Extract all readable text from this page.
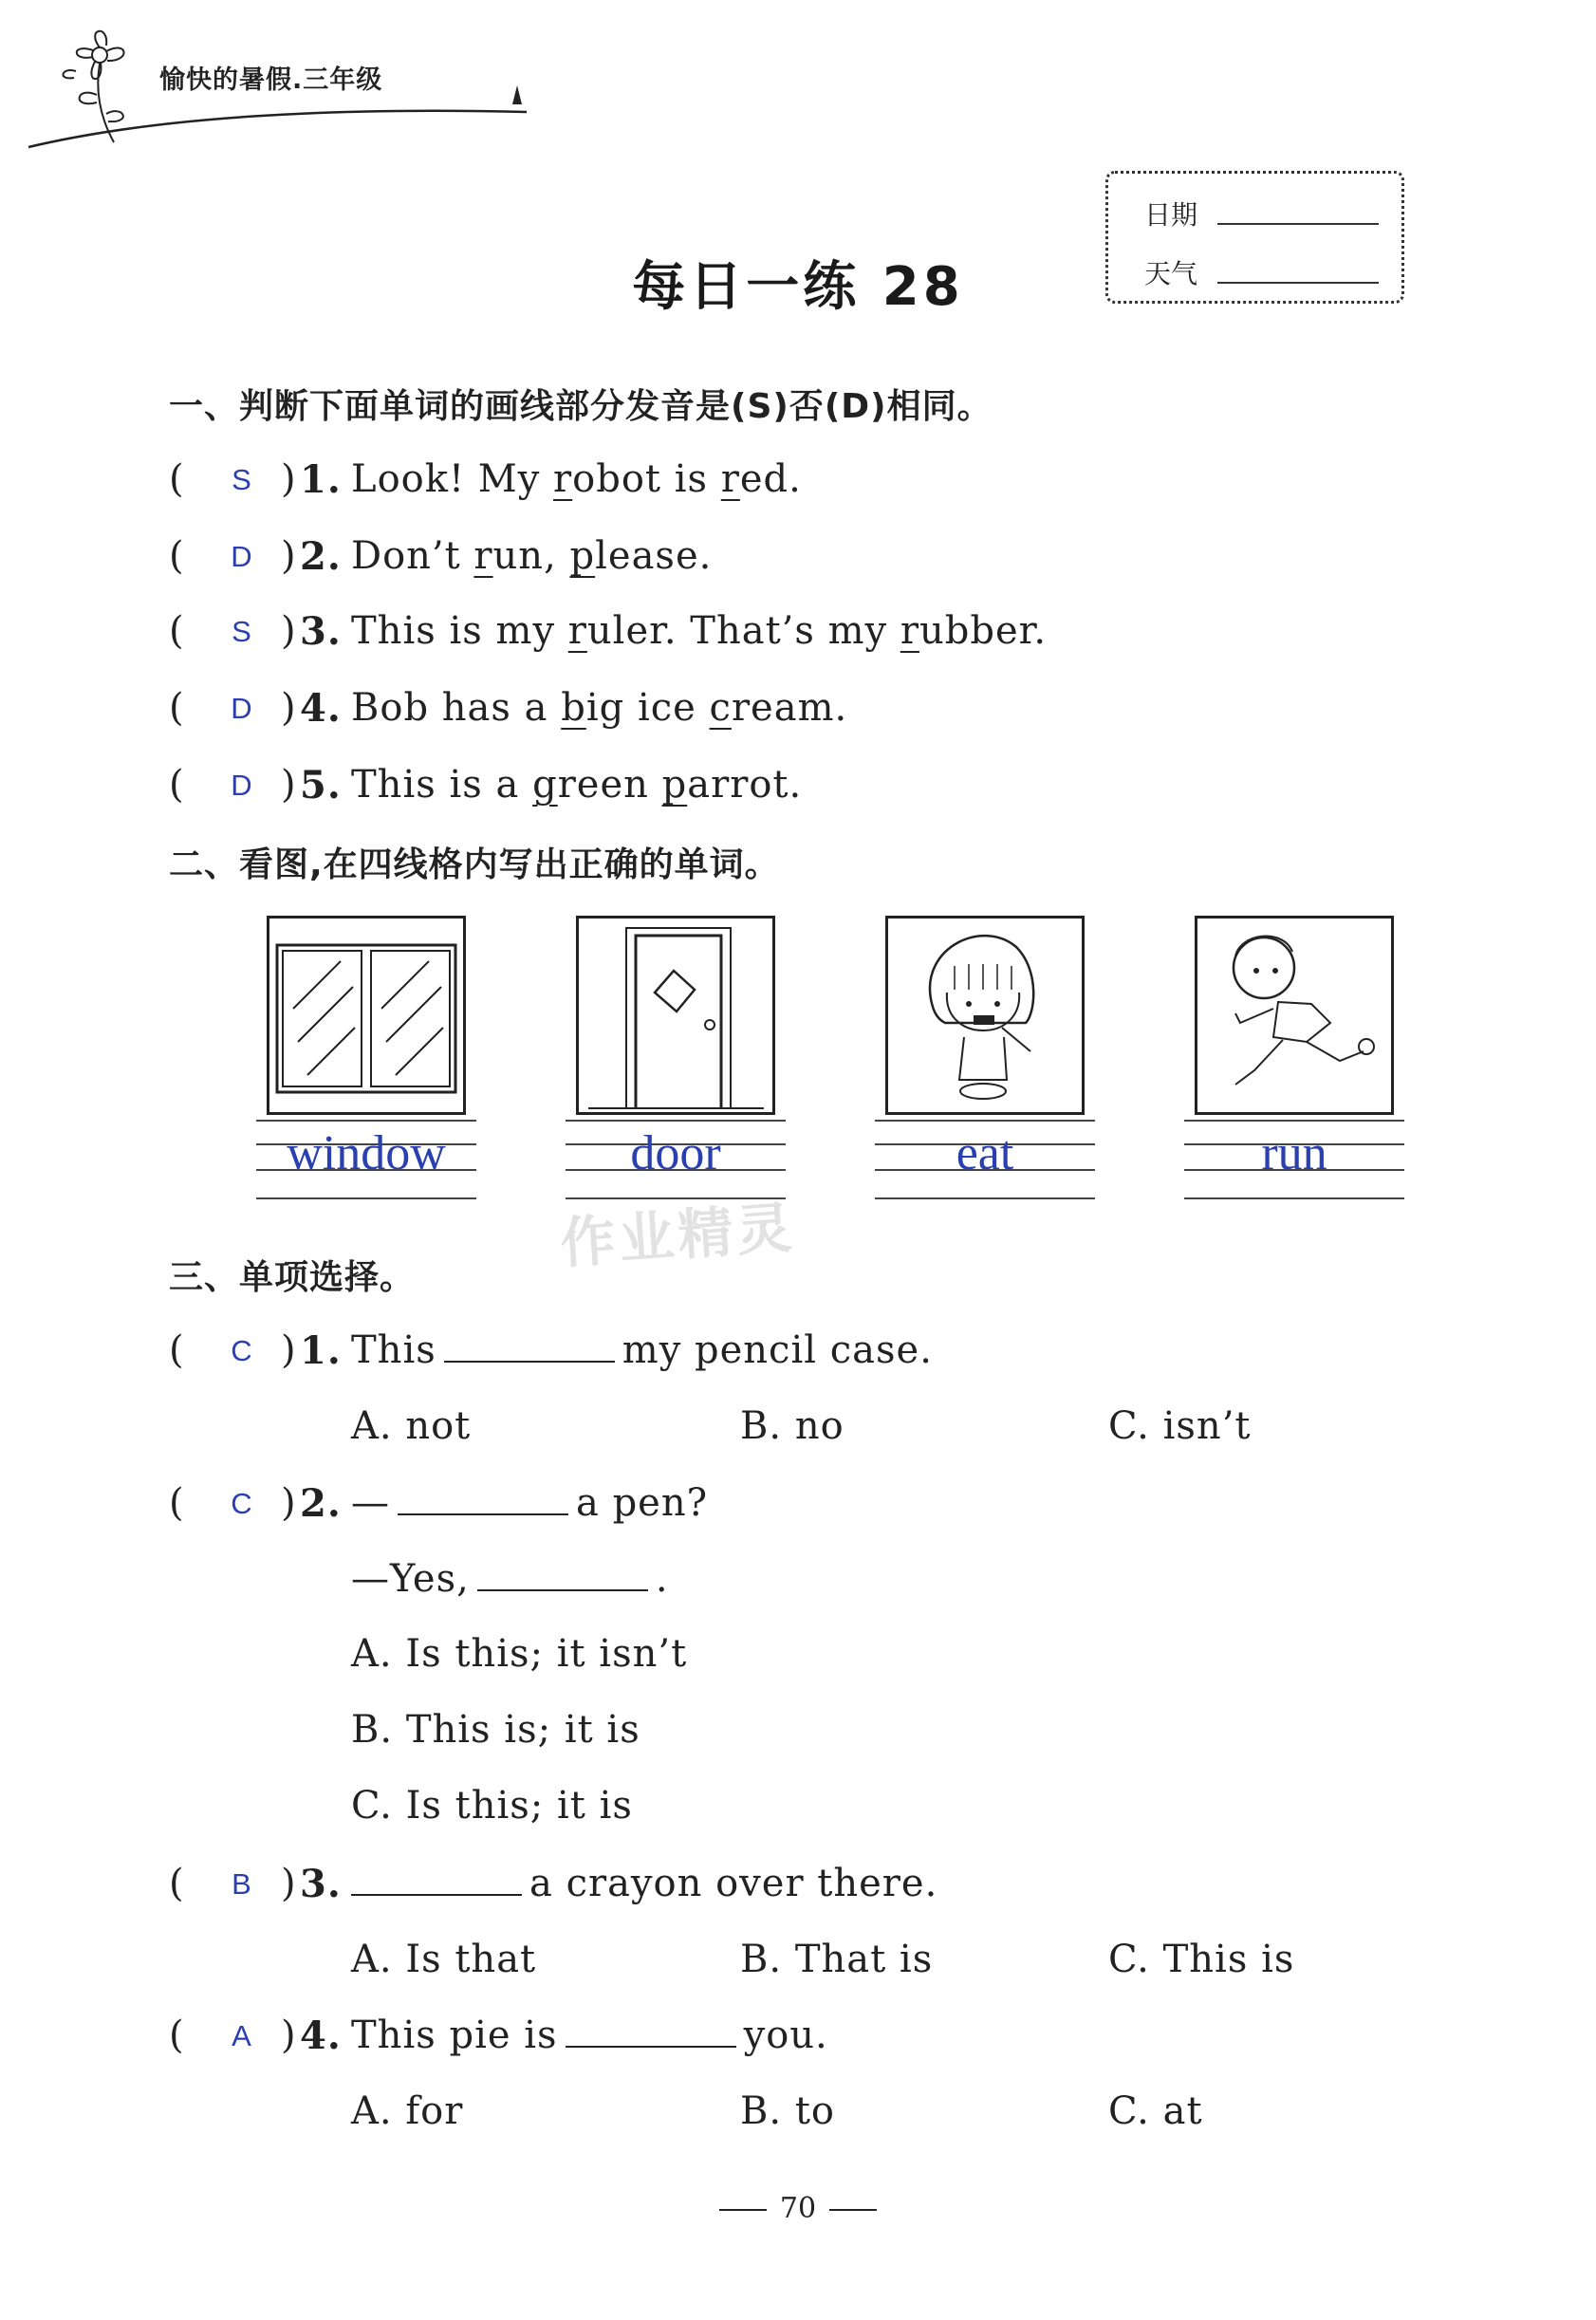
愉快的暑假.三年级
日期
天气
每日一练 28
一、判断下面单词的画线部分发音是(S)否(D)相同。
(	S ) 1. Look! My robot is red.
(	D ) 2. Don’t run, please.
(	S ) 3. This is my ruler. That’s my rubber.
(	D ) 4. Bob has a big ice cream.
(	D ) 5. This is a green parrot.
二、看图,在四线格内写出正确的单词。
window	door	eat	run
三、单项选择。
(	C ) 1. This	my pencil case.
A. not	B. no	C. isn’t
(	C ) 2. —	a pen?
—Yes,	.
A. Is this; it isn’t
B. This is; it is
C. Is this; it is
(	B ) 3.	a crayon over there.
A. Is that	B. That is	C. This is
(	A ) 4. This pie is	you.
A. for	B. to	C. at
作业精灵
70
